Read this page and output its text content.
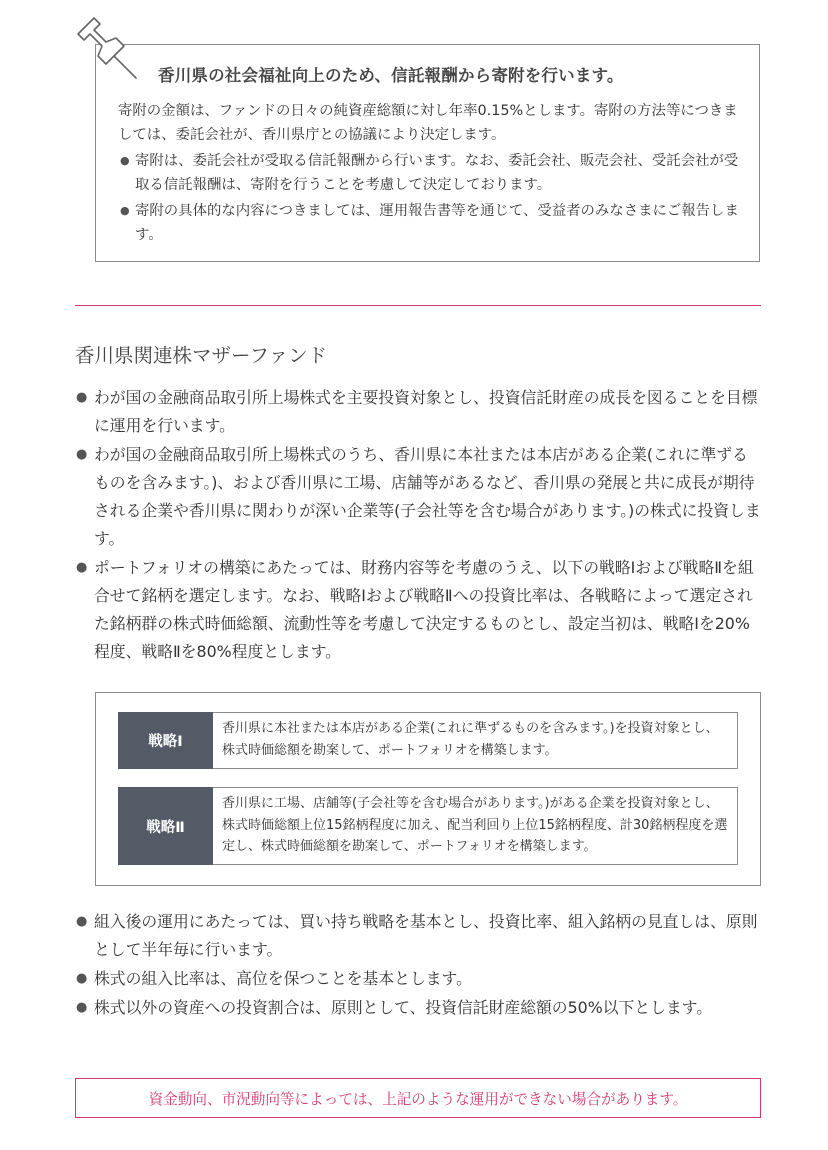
香川県の社会福祉向上のため、信託報酬から寄附を行います。

寄附の金額は、ファンドの日々の純資産総額に対し年率0.15%とします。寄附の方法等につきましては、委託会社が、香川県庁との協議により決定します。

● 寄附は、委託会社が受取る信託報酬から行います。なお、委託会社、販売会社、受託会社が受取る信託報酬は、寄附を行うことを考慮して決定しております。
● 寄附の具体的な内容につきましては、運用報告書等を通じて、受益者のみなさまにご報告します。
香川県関連株マザーファンド
● わが国の金融商品取引所上場株式を主要投資対象とし、投資信託財産の成長を図ることを目標に運用を行います。
● わが国の金融商品取引所上場株式のうち、香川県に本社または本店がある企業(これに準ずるものを含みます。)、および香川県に工場、店舗等があるなど、香川県の発展と共に成長が期待される企業や香川県に関わりが深い企業等(子会社等を含む場合があります。)の株式に投資します。
● ポートフォリオの構築にあたっては、財務内容等を考慮のうえ、以下の戦略Ⅰおよび戦略Ⅱを組合せて銘柄を選定します。なお、戦略Ⅰおよび戦略Ⅱへの投資比率は、各戦略によって選定された銘柄群の株式時価総額、流動性等を考慮して決定するものとし、設定当初は、戦略Ⅰを20%程度、戦略Ⅱを80%程度とします。
戦略Ⅰ
香川県に本社または本店がある企業(これに準ずるものを含みます。)を投資対象とし、株式時価総額を勘案して、ポートフォリオを構築します。
戦略Ⅱ
香川県に工場、店舗等(子会社等を含む場合があります。)がある企業を投資対象とし、株式時価総額上位15銘柄程度に加え、配当利回り上位15銘柄程度、計30銘柄程度を選定し、株式時価総額を勘案して、ポートフォリオを構築します。
● 組入後の運用にあたっては、買い持ち戦略を基本とし、投資比率、組入銘柄の見直しは、原則として半年毎に行います。
● 株式の組入比率は、高位を保つことを基本とします。
● 株式以外の資産への投資割合は、原則として、投資信託財産総額の50%以下とします。
資金動向、市況動向等によっては、上記のような運用ができない場合があります。
